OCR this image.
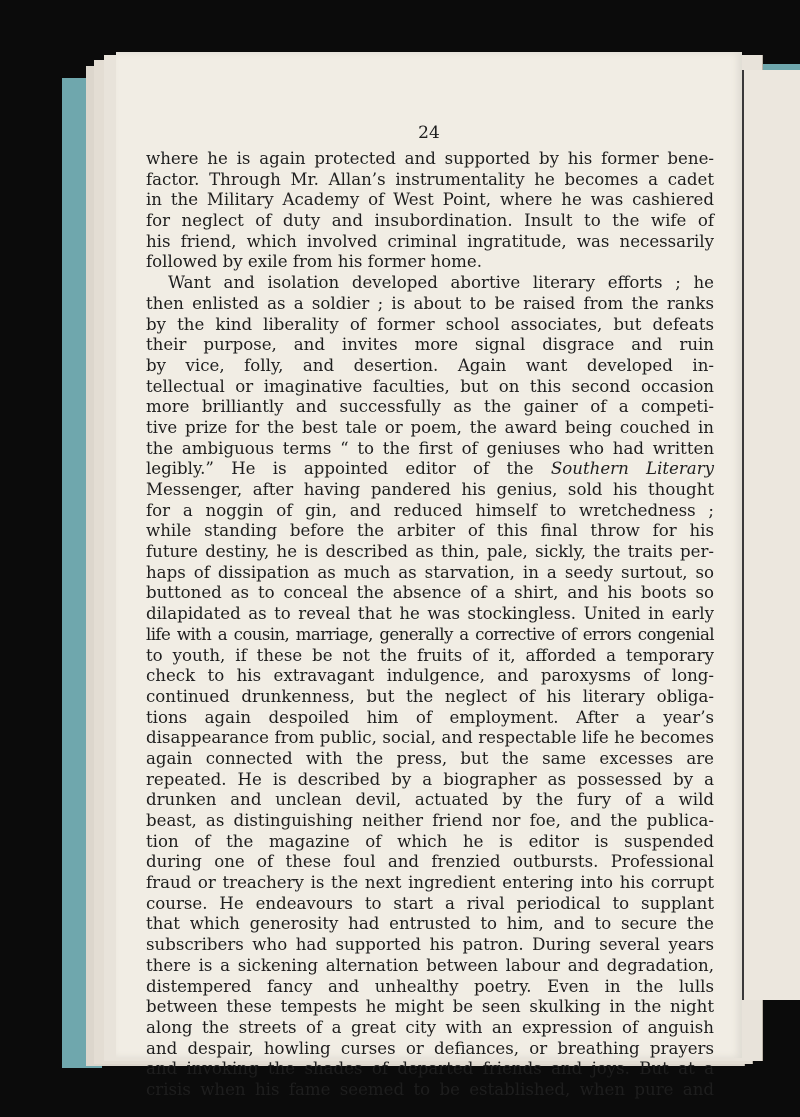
24
where he is again protected and supported by his former bene-
factor. Through Mr. Allan’s instrumentality he becomes a cadet
in the Military Academy of West Point, where he was cashiered
for neglect of duty and insubordination. Insult to the wife of
his friend, which involved criminal ingratitude, was necessarily
followed by exile from his former home.
Want and isolation developed abortive literary efforts ; he
then enlisted as a soldier ; is about to be raised from the ranks
by the kind liberality of former school associates, but defeats
their purpose, and invites more signal disgrace and ruin
by vice, folly, and desertion. Again want developed in-
tellectual or imaginative faculties, but on this second occasion
more brilliantly and successfully as the gainer of a competi-
tive prize for the best tale or poem, the award being couched in
the ambiguous terms “ to the first of geniuses who had written
legibly.” He is appointed editor of the Southern Literary
Messenger, after having pandered his genius, sold his thought
for a noggin of gin, and reduced himself to wretchedness ;
while standing before the arbiter of this final throw for his
future destiny, he is described as thin, pale, sickly, the traits per-
haps of dissipation as much as starvation, in a seedy surtout, so
buttoned as to conceal the absence of a shirt, and his boots so
dilapidated as to reveal that he was stockingless. United in early
life with a cousin, marriage, generally a corrective of errors congenial
to youth, if these be not the fruits of it, afforded a temporary
check to his extravagant indulgence, and paroxysms of long-
continued drunkenness, but the neglect of his literary obliga-
tions again despoiled him of employment. After a year’s
disappearance from public, social, and respectable life he becomes
again connected with the press, but the same excesses are
repeated. He is described by a biographer as possessed by a
drunken and unclean devil, actuated by the fury of a wild
beast, as distinguishing neither friend nor foe, and the publica-
tion of the magazine of which he is editor is suspended
during one of these foul and frenzied outbursts. Professional
fraud or treachery is the next ingredient entering into his corrupt
course. He endeavours to start a rival periodical to supplant
that which generosity had entrusted to him, and to secure the
subscribers who had supported his patron. During several years
there is a sickening alternation between labour and degradation,
distempered fancy and unhealthy poetry. Even in the lulls
between these tempests he might be seen skulking in the night
along the streets of a great city with an expression of anguish
and despair, howling curses or defiances, or breathing prayers
and invoking the shades of departed friends and joys. But at a
crisis when his fame seemed to be established, when pure and
